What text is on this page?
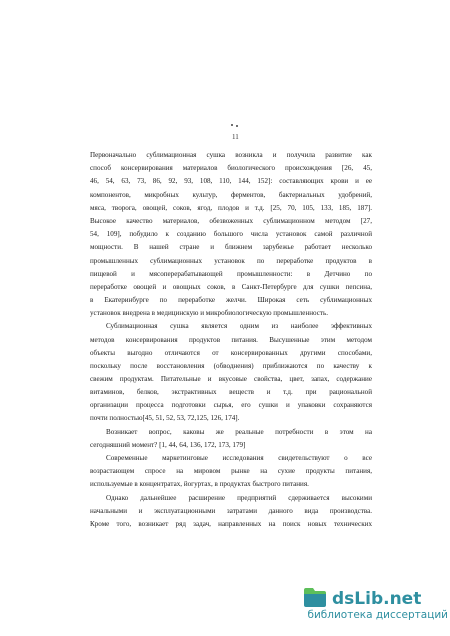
11
Первоначально сублимационная сушка возникла и получила развитие как
способ консервирования материалов биологического происхождения [26, 45,
46, 54, 63, 73, 86, 92, 93, 108, 110, 144, 152]: составляющих крови и ее
компонентов, микробных культур, ферментов, бактериальных удобрений,
мяса, творога, овощей, соков, ягод, плодов и т.д. [25, 70, 105, 133, 185, 187].
Высокое качество материалов, обезвоженных сублимационном методом [27,
54, 109], побудило к созданию большого числа установок самой различной
мощности. В нашей стране и ближнем зарубежье работает несколько
промышленных сублимационных установок по переработке продуктов в
пищевой и мясоперерабатывающей промышленности: в Детчино по
переработке овощей и овощных соков, в Санкт-Петербурге для сушки пепсина,
в Екатеринбурге по переработке желчи. Широкая сеть сублимационных
установок внедрена в медицинскую и микробиологическую промышленность.
Сублимационная сушка является одним из наиболее эффективных
методов консервирования продуктов питания. Высушенные этим методом
объекты выгодно отличаются от консервированных другими способами,
поскольку после восстановления (обводнения) приближаются по качеству к
свежим продуктам. Питательные и вкусовые свойства, цвет, запах, содержание
витаминов, белков, экстрактивных веществ и т.д. при рациональной
организации процесса подготовки сырья, его сушки и упаковки сохраняются
почти полностью[45, 51, 52, 53, 72,125, 126, 174].
Возникает вопрос, каковы же реальные потребности в этом на
сегодняшний момент? [1, 44, 64, 136, 172, 173, 179]
Современные маркетинговые исследования свидетельствуют о все
возрастающем спросе на мировом рынке на сухие продукты питания,
используемые в концентратах, йогуртах, в продуктах быстрого питания.
Однако дальнейшее расширение предприятий сдерживается высокими
начальными и эксплуатационными затратами данного вида производства.
Кроме того, возникает ряд задач, направленных на поиск новых технических
dsLib.net
библиотека диссертаций
